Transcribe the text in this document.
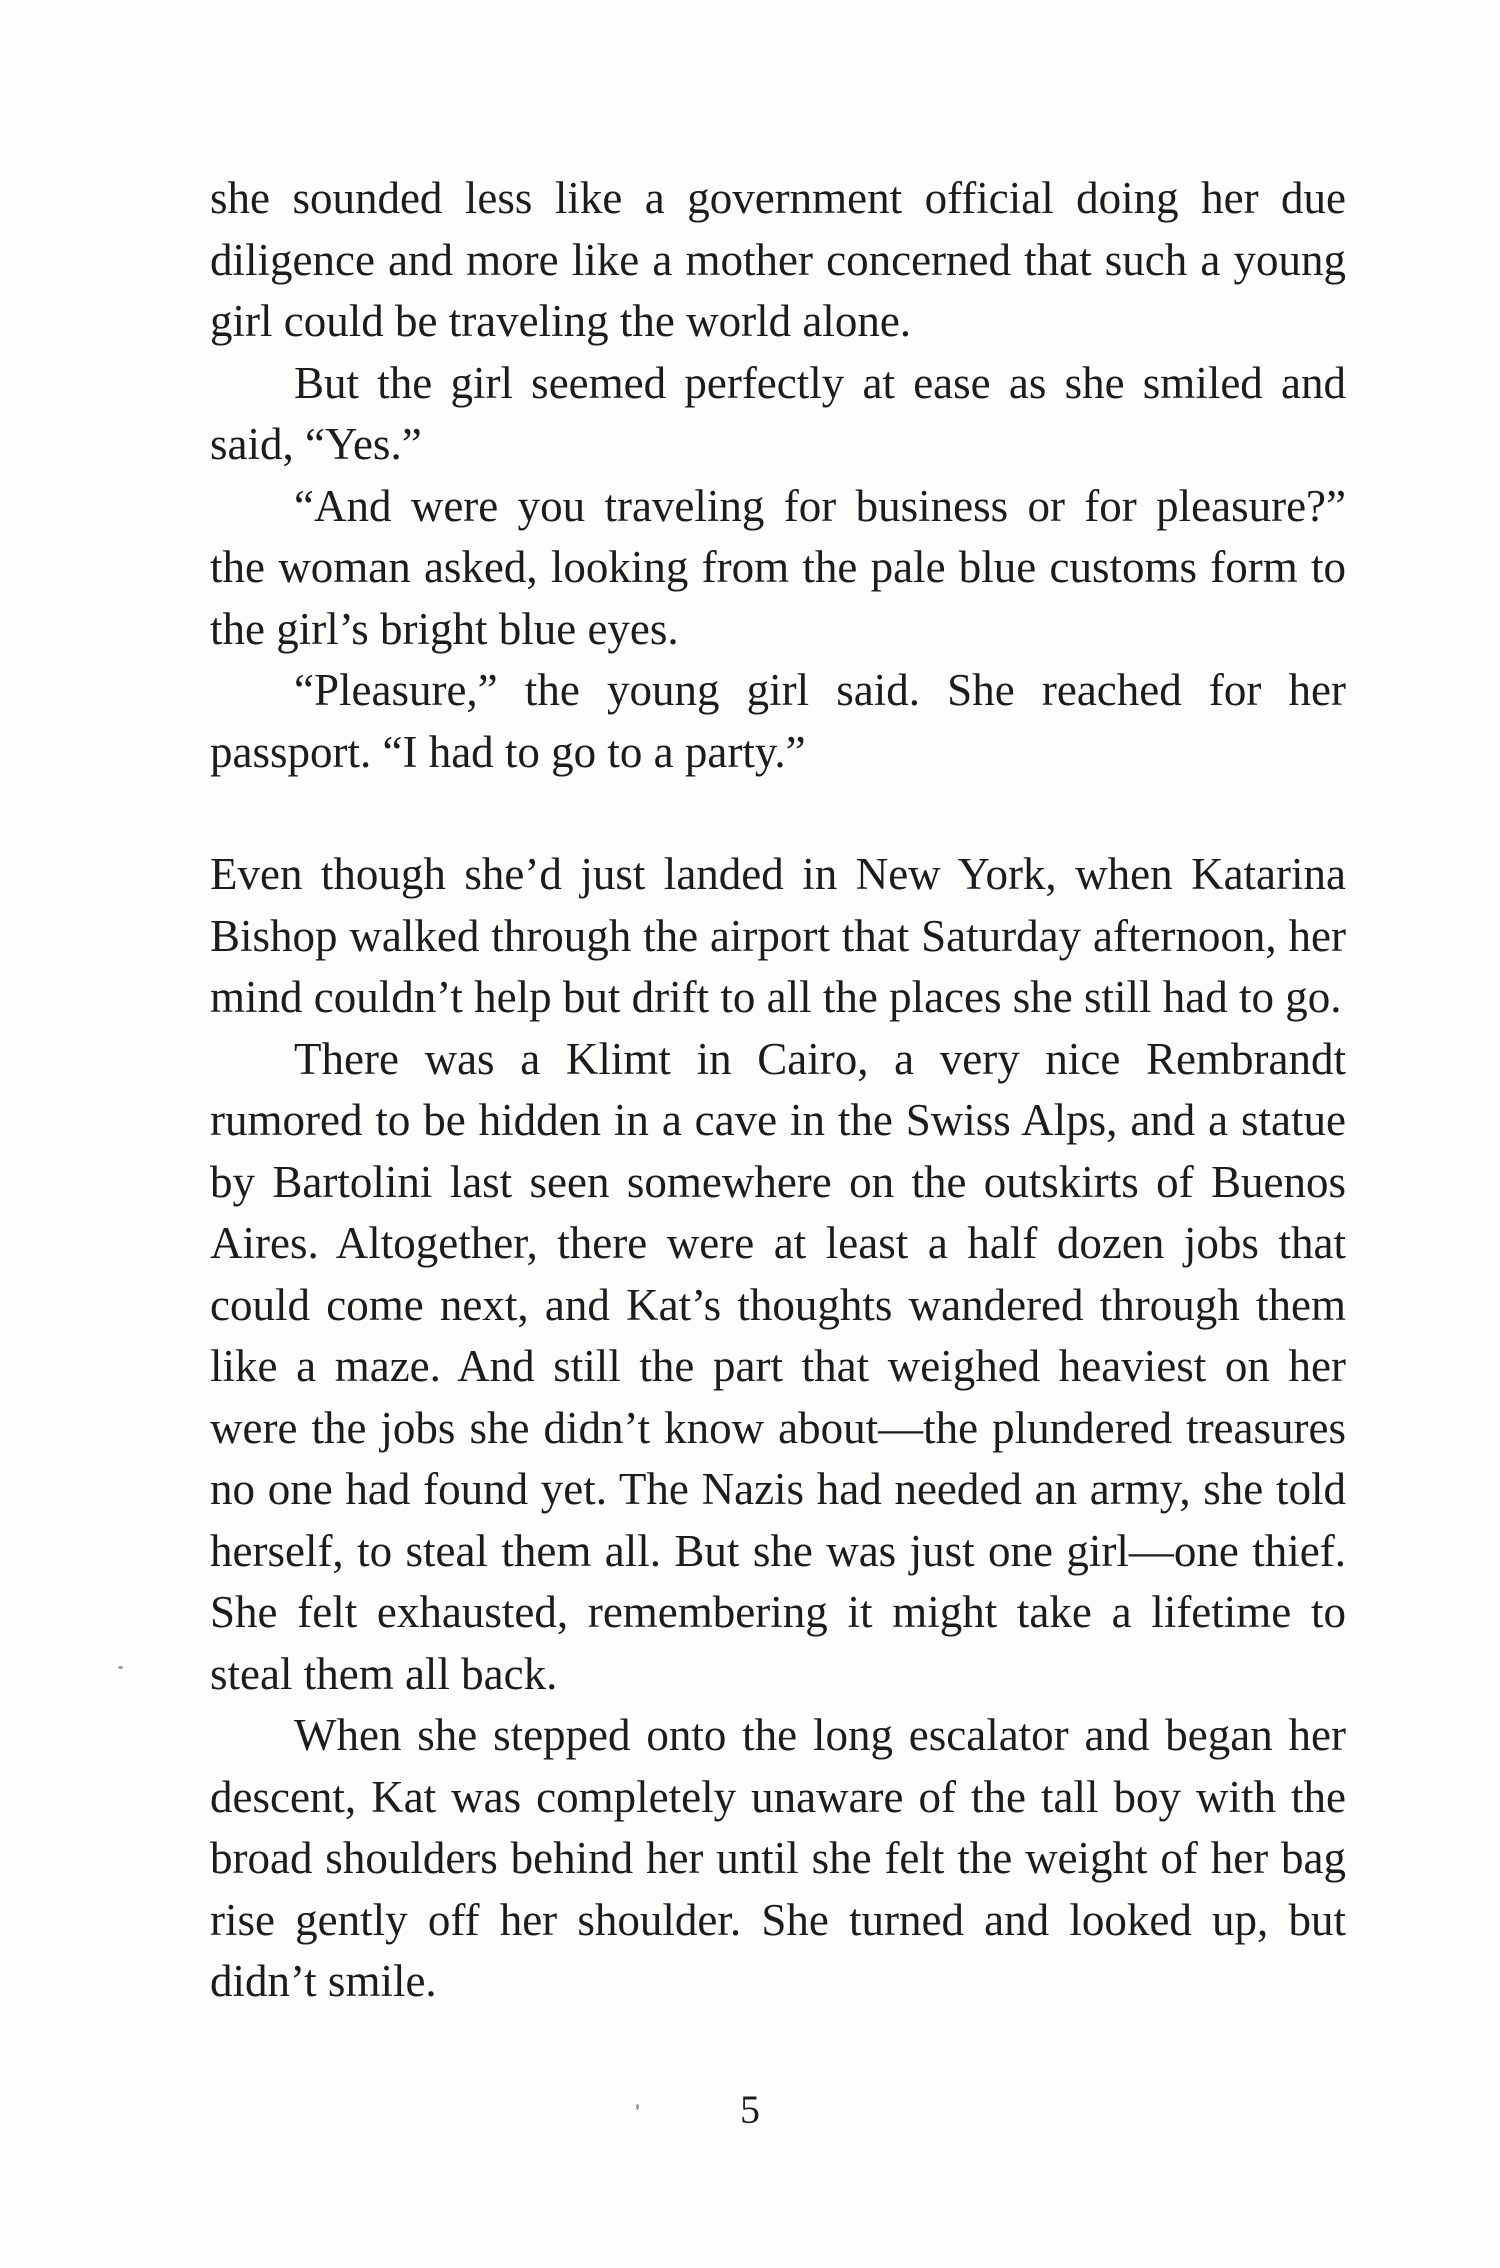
she sounded less like a government official doing her due diligence and more like a mother concerned that such a young girl could be traveling the world alone.

But the girl seemed perfectly at ease as she smiled and said, “Yes.”

“And were you traveling for business or for pleasure?” the woman asked, looking from the pale blue customs form to the girl’s bright blue eyes.

“Pleasure,” the young girl said. She reached for her passport. “I had to go to a party.”

Even though she’d just landed in New York, when Katarina Bishop walked through the airport that Saturday afternoon, her mind couldn’t help but drift to all the places she still had to go.

There was a Klimt in Cairo, a very nice Rembrandt rumored to be hidden in a cave in the Swiss Alps, and a statue by Bartolini last seen somewhere on the outskirts of Buenos Aires. Altogether, there were at least a half dozen jobs that could come next, and Kat’s thoughts wandered through them like a maze. And still the part that weighed heaviest on her were the jobs she didn’t know about—the plundered treasures no one had found yet. The Nazis had needed an army, she told herself, to steal them all. But she was just one girl—one thief. She felt exhausted, remembering it might take a lifetime to steal them all back.

When she stepped onto the long escalator and began her descent, Kat was completely unaware of the tall boy with the broad shoulders behind her until she felt the weight of her bag rise gently off her shoulder. She turned and looked up, but didn’t smile.

5
